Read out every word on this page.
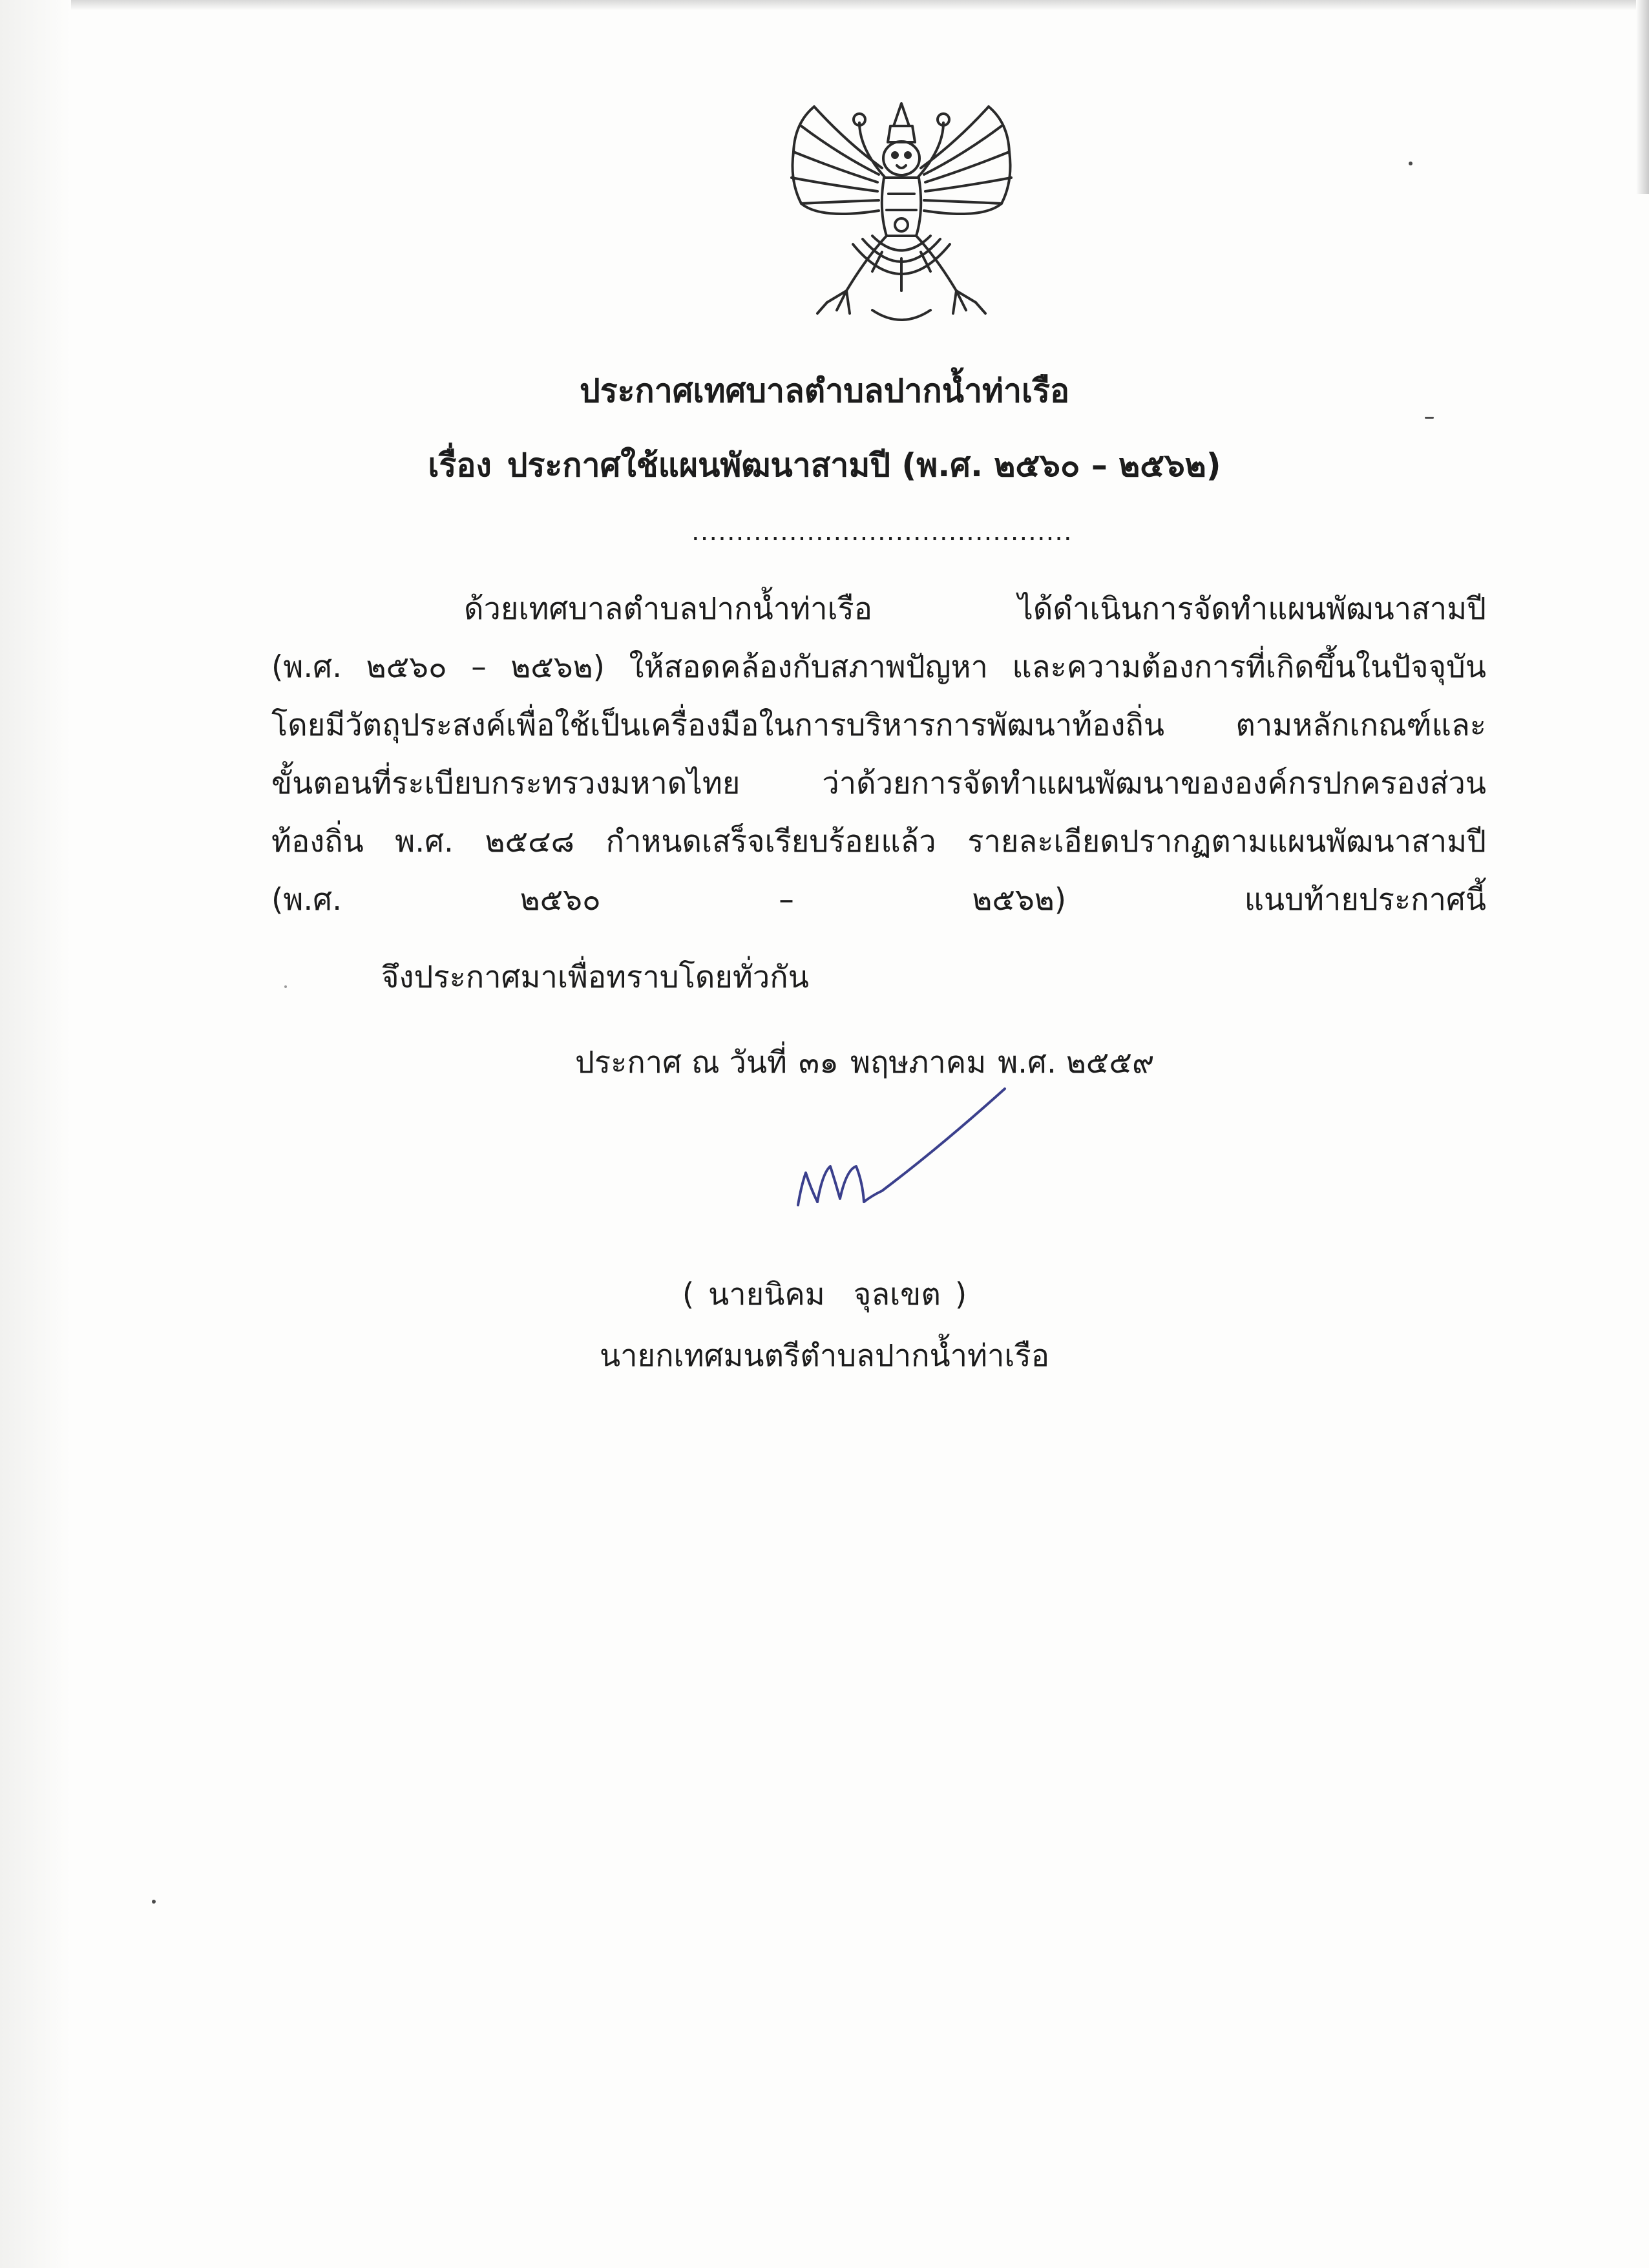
ประกาศเทศบาลตำบลปากน้ำท่าเรือ
เรื่อง ประกาศใช้แผนพัฒนาสามปี (พ.ศ. ๒๕๖๐ – ๒๕๖๒)
...........................................
ด้วยเทศบาลตำบลปากน้ำท่าเรือ ได้ดำเนินการจัดทำแผนพัฒนาสามปี
(พ.ศ. ๒๕๖๐ – ๒๕๖๒) ให้สอดคล้องกับสภาพปัญหา และความต้องการที่เกิดขึ้นในปัจจุบัน
โดยมีวัตถุประสงค์เพื่อใช้เป็นเครื่องมือในการบริหารการพัฒนาท้องถิ่น ตามหลักเกณฑ์และ
ขั้นตอนที่ระเบียบกระทรวงมหาดไทย ว่าด้วยการจัดทำแผนพัฒนาขององค์กรปกครองส่วน
ท้องถิ่น พ.ศ. ๒๕๔๘ กำหนดเสร็จเรียบร้อยแล้ว รายละเอียดปรากฏตามแผนพัฒนาสามปี
(พ.ศ. ๒๕๖๐ – ๒๕๖๒) แนบท้ายประกาศนี้
จึงประกาศมาเพื่อทราบโดยทั่วกัน
ประกาศ ณ วันที่ ๓๑ พฤษภาคม พ.ศ. ๒๕๕๙
( นายนิคม จุลเขต )
นายกเทศมนตรีตำบลปากน้ำท่าเรือ
